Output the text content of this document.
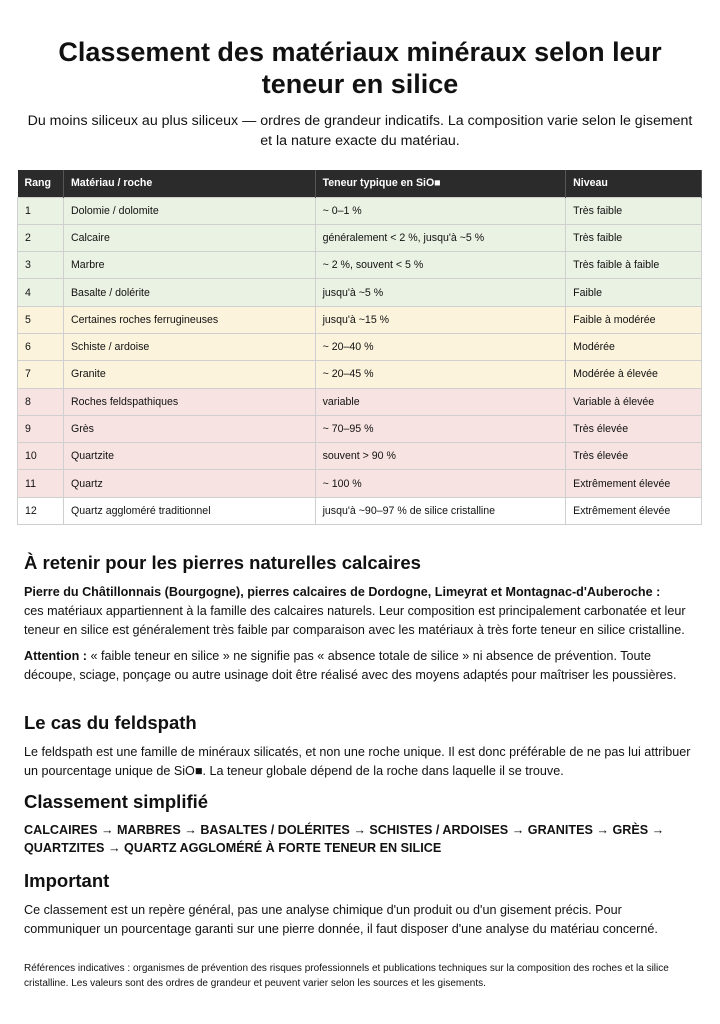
Classement des matériaux minéraux selon leur teneur en silice
Du moins siliceux au plus siliceux — ordres de grandeur indicatifs. La composition varie selon le gisement et la nature exacte du matériau.
Rang	Matériau / roche	Teneur typique en SiO■	Niveau
1	Dolomie / dolomite	~ 0–1 %	Très faible
2	Calcaire	généralement < 2 %, jusqu'à ~5 %	Très faible
3	Marbre	~ 2 %, souvent < 5 %	Très faible à faible
4	Basalte / dolérite	jusqu'à ~5 %	Faible
5	Certaines roches ferrugineuses	jusqu'à ~15 %	Faible à modérée
6	Schiste / ardoise	~ 20–40 %	Modérée
7	Granite	~ 20–45 %	Modérée à élevée
8	Roches feldspathiques	variable	Variable à élevée
9	Grès	~ 70–95 %	Très élevée
10	Quartzite	souvent > 90 %	Très élevée
11	Quartz	~ 100 %	Extrêmement élevée
12	Quartz aggloméré traditionnel	jusqu'à ~90–97 % de silice cristalline	Extrêmement élevée
À retenir pour les pierres naturelles calcaires

Pierre du Châtillonnais (Bourgogne), pierres calcaires de Dordogne, Limeyrat et Montagnac-d'Auberoche :
ces matériaux appartiennent à la famille des calcaires naturels. Leur composition est principalement carbonatée et leur teneur en silice est généralement très faible par comparaison avec les matériaux à très forte teneur en silice cristalline.

Attention : « faible teneur en silice » ne signifie pas « absence totale de silice » ni absence de prévention. Toute découpe, sciage, ponçage ou autre usinage doit être réalisé avec des moyens adaptés pour maîtriser les poussières.

Le cas du feldspath

Le feldspath est une famille de minéraux silicatés, et non une roche unique. Il est donc préférable de ne pas lui attribuer un pourcentage unique de SiO■. La teneur globale dépend de la roche dans laquelle il se trouve.

Classement simplifié

CALCAIRES → MARBRES → BASALTES / DOLÉRITES → SCHISTES / ARDOISES → GRANITES → GRÈS → QUARTZITES → QUARTZ AGGLOMÉRÉ À FORTE TENEUR EN SILICE

Important

Ce classement est un repère général, pas une analyse chimique d'un produit ou d'un gisement précis. Pour communiquer un pourcentage garanti sur une pierre donnée, il faut disposer d'une analyse du matériau concerné.

Références indicatives : organismes de prévention des risques professionnels et publications techniques sur la composition des roches et la silice cristalline. Les valeurs sont des ordres de grandeur et peuvent varier selon les sources et les gisements.
